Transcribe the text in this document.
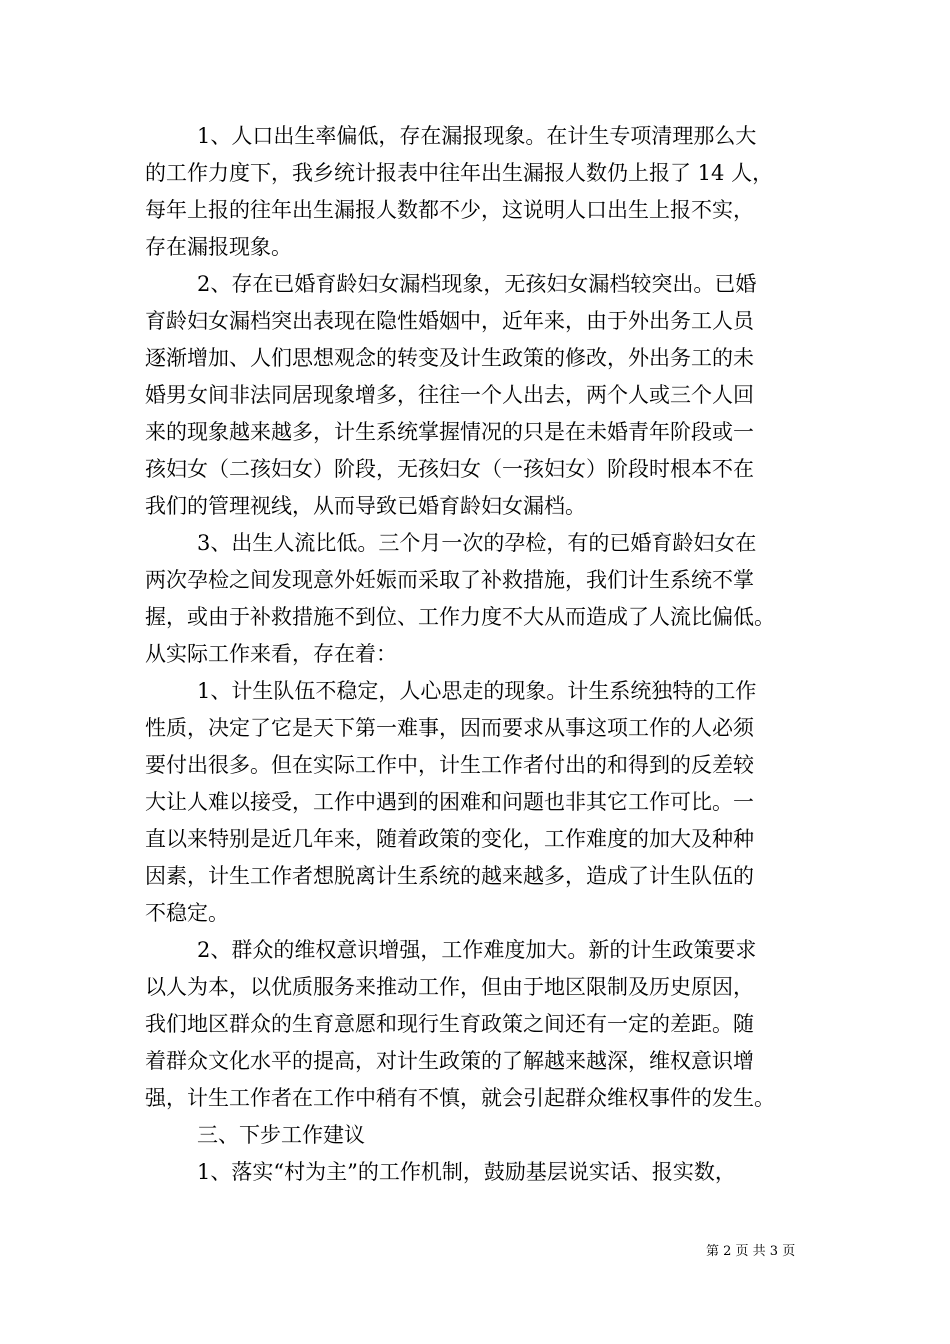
1、人口出生率偏低，存在漏报现象。在计生专项清理那么大
的工作力度下，我乡统计报表中往年出生漏报人数仍上报了 14 人，
每年上报的往年出生漏报人数都不少，这说明人口出生上报不实，
存在漏报现象。
2、存在已婚育龄妇女漏档现象，无孩妇女漏档较突出。已婚
育龄妇女漏档突出表现在隐性婚姻中，近年来，由于外出务工人员
逐渐增加、人们思想观念的转变及计生政策的修改，外出务工的未
婚男女间非法同居现象增多，往往一个人出去，两个人或三个人回
来的现象越来越多，计生系统掌握情况的只是在未婚青年阶段或一
孩妇女（二孩妇女）阶段，无孩妇女（一孩妇女）阶段时根本不在
我们的管理视线，从而导致已婚育龄妇女漏档。
3、出生人流比低。三个月一次的孕检，有的已婚育龄妇女在
两次孕检之间发现意外妊娠而采取了补救措施，我们计生系统不掌
握，或由于补救措施不到位、工作力度不大从而造成了人流比偏低。
从实际工作来看，存在着：
1、计生队伍不稳定，人心思走的现象。计生系统独特的工作
性质，决定了它是天下第一难事，因而要求从事这项工作的人必须
要付出很多。但在实际工作中，计生工作者付出的和得到的反差较
大让人难以接受，工作中遇到的困难和问题也非其它工作可比。一
直以来特别是近几年来，随着政策的变化，工作难度的加大及种种
因素，计生工作者想脱离计生系统的越来越多，造成了计生队伍的
不稳定。
2、群众的维权意识增强，工作难度加大。新的计生政策要求
以人为本，以优质服务来推动工作，但由于地区限制及历史原因，
我们地区群众的生育意愿和现行生育政策之间还有一定的差距。随
着群众文化水平的提高，对计生政策的了解越来越深，维权意识增
强，计生工作者在工作中稍有不慎，就会引起群众维权事件的发生。
三、下步工作建议
1、落实“村为主”的工作机制，鼓励基层说实话、报实数，
第 2 页 共 3 页
